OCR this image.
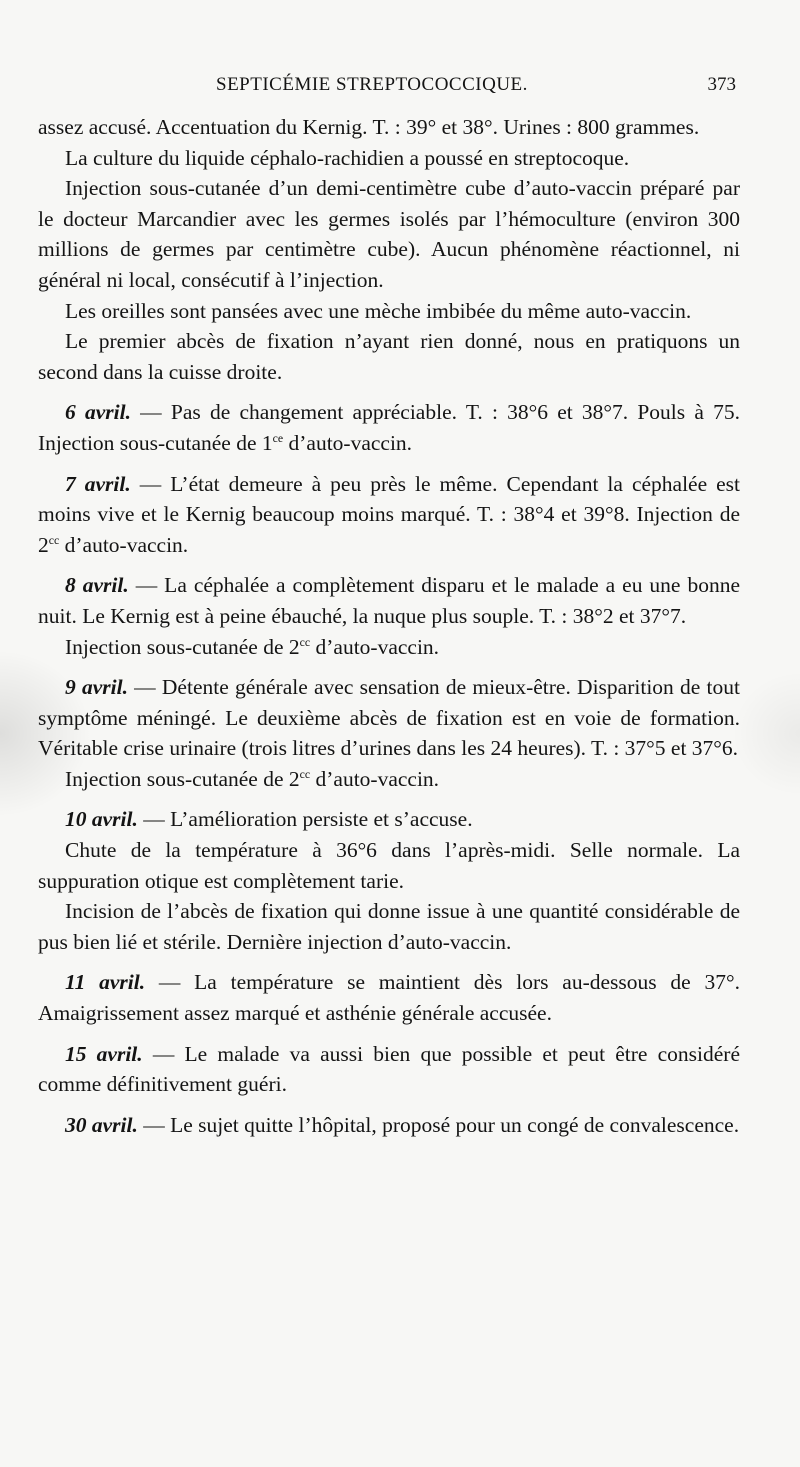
SEPTICÉMIE STREPTOCOCCIQUE.	373

assez accusé. Accentuation du Kernig. T. : 39° et 38°. Urines : 800 grammes.

La culture du liquide céphalo-rachidien a poussé en streptocoque.

Injection sous-cutanée d’un demi-centimètre cube d’auto-vaccin préparé par le docteur Marcandier avec les germes isolés par l’hémoculture (environ 300 millions de germes par centimètre cube). Aucun phénomène réactionnel, ni général ni local, consécutif à l’injection.

Les oreilles sont pansées avec une mèche imbibée du même auto-vaccin.

Le premier abcès de fixation n’ayant rien donné, nous en pratiquons un second dans la cuisse droite.

6 avril. — Pas de changement appréciable. T. : 38°6 et 38°7. Pouls à 75. Injection sous-cutanée de $1^{ce}$ d’auto-vaccin.

7 avril. — L’état demeure à peu près le même. Cependant la céphalée est moins vive et le Kernig beaucoup moins marqué. T. : 38°4 et 39°8. Injection de $2^{cc}$ d’auto-vaccin.

8 avril. — La céphalée a complètement disparu et le malade a eu une bonne nuit. Le Kernig est à peine ébauché, la nuque plus souple. T. : 38°2 et 37°7.

Injection sous-cutanée de $2^{cc}$ d’auto-vaccin.

9 avril. — Détente générale avec sensation de mieux-être. Disparition de tout symptôme méningé. Le deuxième abcès de fixation est en voie de formation. Véritable crise urinaire (trois litres d’urines dans les 24 heures). T. : 37°5 et 37°6.

Injection sous-cutanée de $2^{cc}$ d’auto-vaccin.

10 avril. — L’amélioration persiste et s’accuse.

Chute de la température à 36°6 dans l’après-midi. Selle normale. La suppuration otique est complètement tarie.

Incision de l’abcès de fixation qui donne issue à une quantité considérable de pus bien lié et stérile. Dernière injection d’auto-vaccin.

11 avril. — La température se maintient dès lors au-dessous de 37°. Amaigrissement assez marqué et asthénie générale accusée.

15 avril. — Le malade va aussi bien que possible et peut être considéré comme définitivement guéri.

30 avril. — Le sujet quitte l’hôpital, proposé pour un congé de convalescence.
